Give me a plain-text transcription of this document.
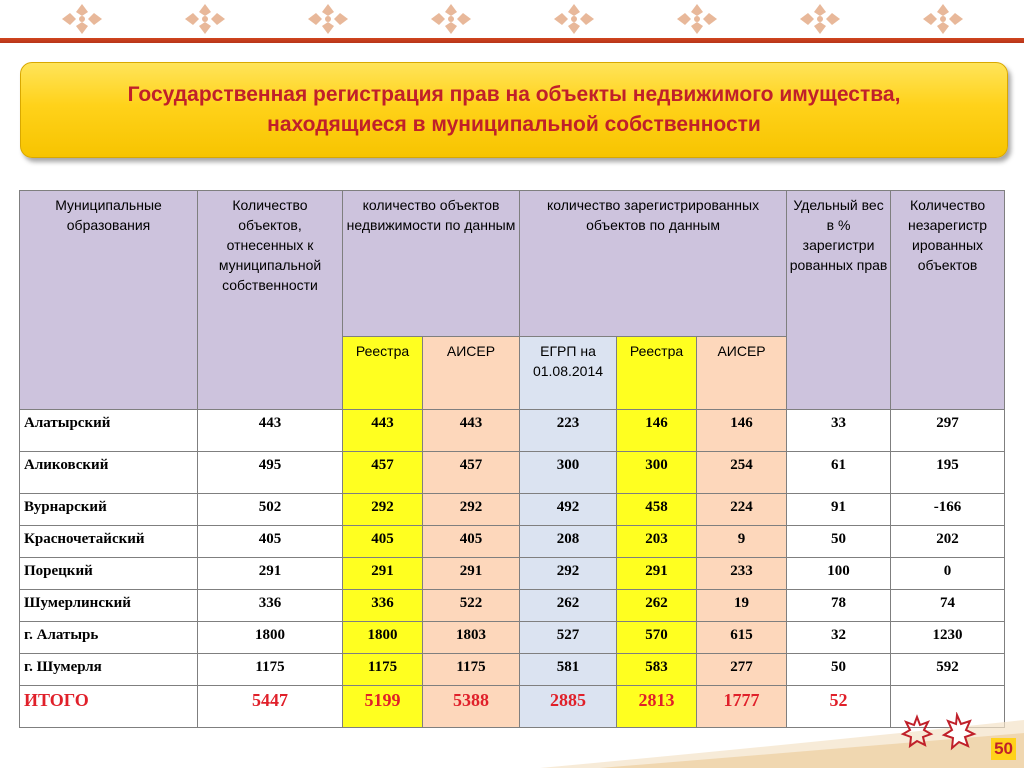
Государственная регистрация прав на объекты недвижимого имущества, находящиеся в муниципальной собственности
Муниципальные образования	Количество объектов, отнесенных к муниципальной собственности	количество объектов недвижимости по данным		количество зарегистрированных объектов по данным			Удельный вес в % зарегистри рованных прав	Количество незарегистр ированных объектов
		Реестра	АИСЕР	ЕГРП на 01.08.2014	Реестра	АИСЕР		
Алатырский	443	443	443	223	146	146	33	297
Аликовский	495	457	457	300	300	254	61	195
Вурнарский	502	292	292	492	458	224	91	-166
Красночетайский	405	405	405	208	203	9	50	202
Порецкий	291	291	291	292	291	233	100	0
Шумерлинский	336	336	522	262	262	19	78	74
г. Алатырь	1800	1800	1803	527	570	615	32	1230
г. Шумерля	1175	1175	1175	581	583	277	50	592
ИТОГО	5447	5199	5388	2885	2813	1777	52	
50
